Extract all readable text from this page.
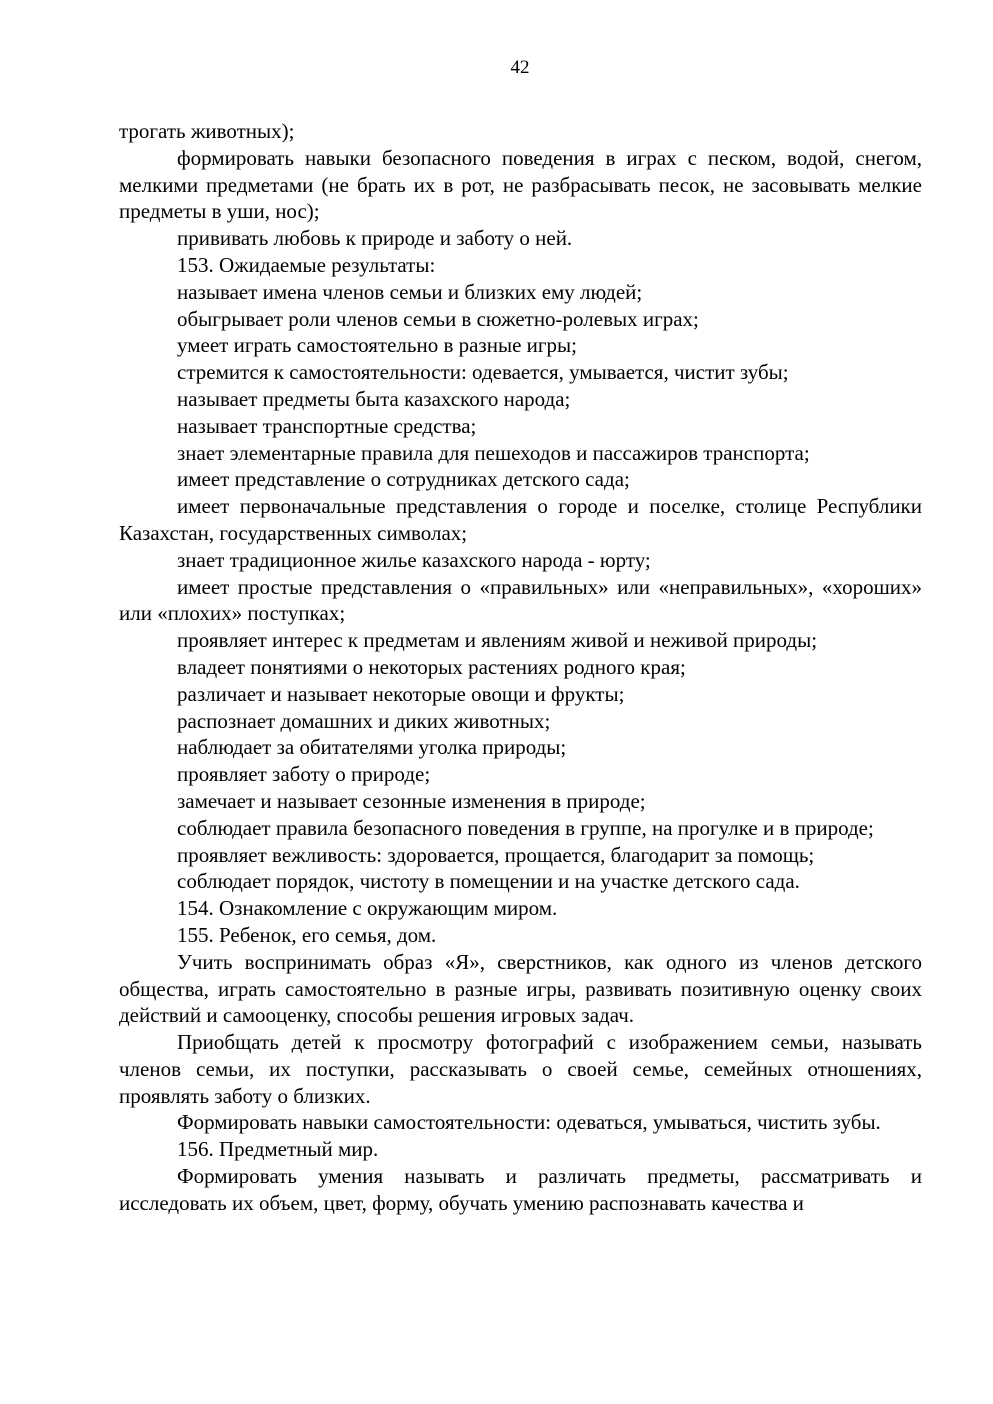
42

трогать животных);

формировать навыки безопасного поведения в играх с песком, водой, снегом, мелкими предметами (не брать их в рот, не разбрасывать песок, не засовывать мелкие предметы в уши, нос);

прививать любовь к природе и заботу о ней.

153. Ожидаемые результаты:

называет имена членов семьи и близких ему людей;

обыгрывает роли членов семьи в сюжетно-ролевых играх;

умеет играть самостоятельно в разные игры;

стремится к самостоятельности: одевается, умывается, чистит зубы;

называет предметы быта казахского народа;

называет транспортные средства;

знает элементарные правила для пешеходов и пассажиров транспорта;

имеет представление о сотрудниках детского сада;

имеет первоначальные представления о городе и поселке, столице Республики Казахстан, государственных символах;

знает традиционное жилье казахского народа - юрту;

имеет простые представления о «правильных» или «неправильных», «хороших» или «плохих» поступках;

проявляет интерес к предметам и явлениям живой и неживой природы;

владеет понятиями о некоторых растениях родного края;

различает и называет некоторые овощи и фрукты;

распознает домашних и диких животных;

наблюдает за обитателями уголка природы;

проявляет заботу о природе;

замечает и называет сезонные изменения в природе;

соблюдает правила безопасного поведения в группе, на прогулке и в природе;

проявляет вежливость: здоровается, прощается, благодарит за помощь;

соблюдает порядок, чистоту в помещении и на участке детского сада.

154. Ознакомление с окружающим миром.

155. Ребенок, его семья, дом.

Учить воспринимать образ «Я», сверстников, как одного из членов детского общества, играть самостоятельно в разные игры, развивать позитивную оценку своих действий и самооценку, способы решения игровых задач.

Приобщать детей к просмотру фотографий с изображением семьи, называть членов семьи, их поступки, рассказывать о своей семье, семейных отношениях, проявлять заботу о близких.

Формировать навыки самостоятельности: одеваться, умываться, чистить зубы.

156. Предметный мир.

Формировать умения называть и различать предметы, рассматривать и исследовать их объем, цвет, форму, обучать умению распознавать качества и
